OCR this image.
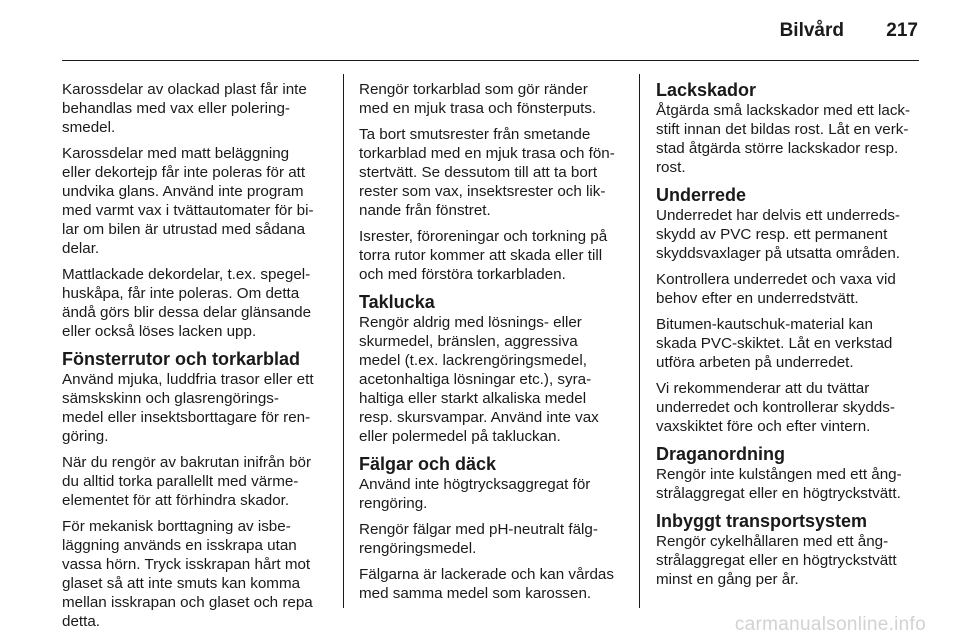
Bilvård 217

Karossdelar av olackad plast får inte
behandlas med vax eller polering-
smedel.

Karossdelar med matt beläggning
eller dekortejp får inte poleras för att
undvika glans. Använd inte program
med varmt vax i tvättautomater för bi-
lar om bilen är utrustad med sådana
delar.

Mattlackade dekordelar, t.ex. spegel-
huskåpa, får inte poleras. Om detta
ändå görs blir dessa delar glänsande
eller också löses lacken upp.

Fönsterrutor och torkarblad

Använd mjuka, luddfria trasor eller ett
sämskskinn och glasrengörings-
medel eller insektsborttagare för ren-
göring.

När du rengör av bakrutan inifrån bör
du alltid torka parallellt med värme-
elementet för att förhindra skador.

För mekanisk borttagning av isbe-
läggning används en isskrapa utan
vassa hörn. Tryck isskrapan hårt mot
glaset så att inte smuts kan komma
mellan isskrapan och glaset och repa
detta.

Rengör torkarblad som gör ränder
med en mjuk trasa och fönsterputs.

Ta bort smutsrester från smetande
torkarblad med en mjuk trasa och fön-
stertvätt. Se dessutom till att ta bort
rester som vax, insektsrester och lik-
nande från fönstret.

Isrester, föroreningar och torkning på
torra rutor kommer att skada eller till
och med förstöra torkarbladen.

Taklucka

Rengör aldrig med lösnings- eller
skurmedel, bränslen, aggressiva
medel (t.ex. lackrengöringsmedel,
acetonhaltiga lösningar etc.), syra-
haltiga eller starkt alkaliska medel
resp. skursvampar. Använd inte vax
eller polermedel på takluckan.

Fälgar och däck

Använd inte högtrycksaggregat för
rengöring.

Rengör fälgar med pH-neutralt fälg-
rengöringsmedel.

Fälgarna är lackerade och kan vårdas
med samma medel som karossen.

Lackskador

Åtgärda små lackskador med ett lack-
stift innan det bildas rost. Låt en verk-
stad åtgärda större lackskador resp.
rost.

Underrede

Underredet har delvis ett underreds-
skydd av PVC resp. ett permanent
skyddsvaxlager på utsatta områden.

Kontrollera underredet och vaxa vid
behov efter en underredstvätt.

Bitumen-kautschuk-material kan
skada PVC-skiktet. Låt en verkstad
utföra arbeten på underredet.

Vi rekommenderar att du tvättar
underredet och kontrollerar skydds-
vaxskiktet före och efter vintern.

Draganordning

Rengör inte kulstången med ett ång-
strålaggregat eller en högtryckstvätt.

Inbyggt transportsystem

Rengör cykelhållaren med ett ång-
strålaggregat eller en högtryckstvätt
minst en gång per år.

carmanualsonline.info
